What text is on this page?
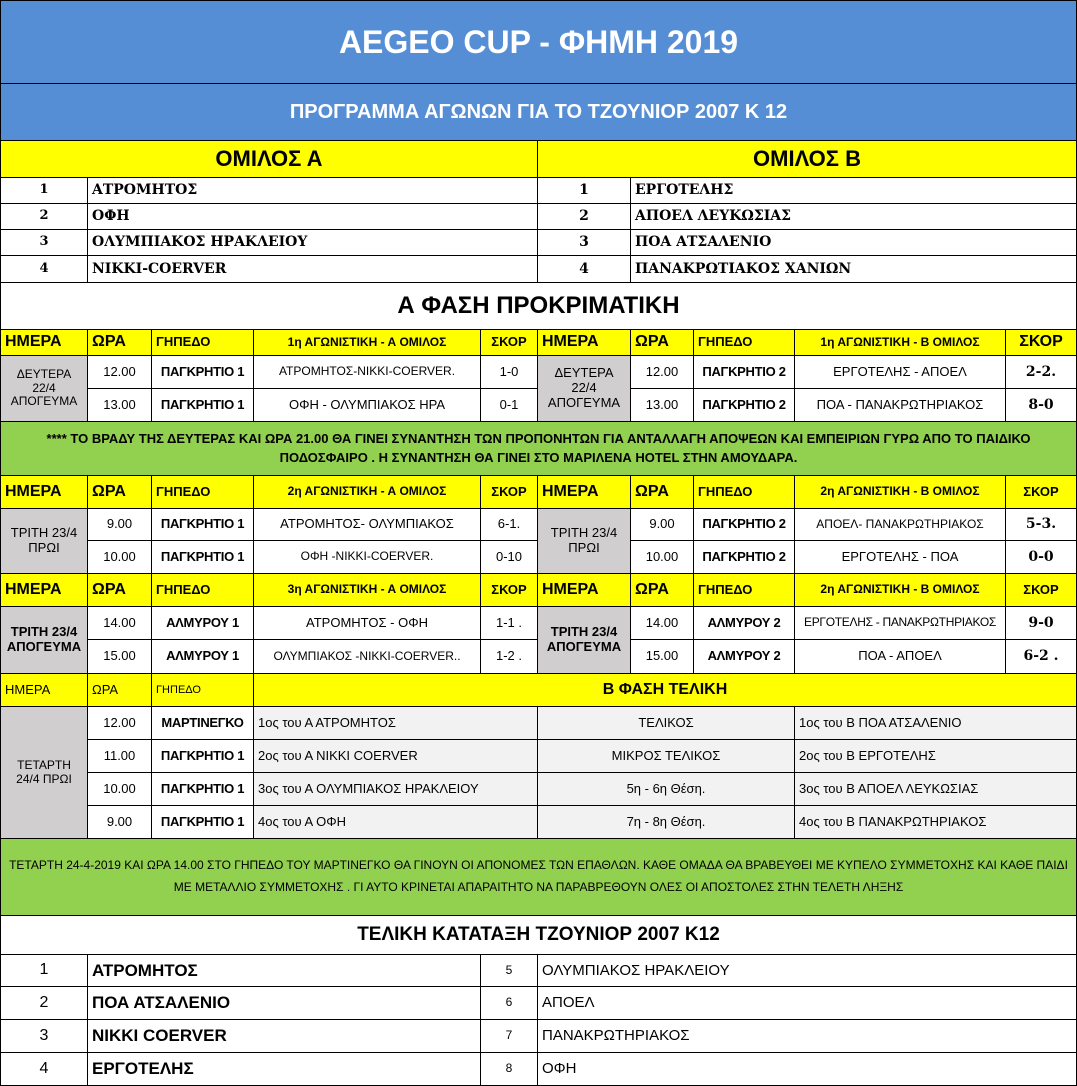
AEGEO CUP - ΦΗΜΗ 2019
ΠΡΟΓΡΑΜΜΑ ΑΓΩΝΩΝ ΓΙΑ ΤΟ ΤΖΟΥΝΙΟΡ 2007 Κ 12
ΟΜΙΛΟΣ Α	ΟΜΙΛΟΣ Β
1	ΑΤΡΟΜΗΤΟΣ	1	ΕΡΓΟΤΕΛΗΣ
2	ΟΦΗ	2	ΑΠΟΕΛ ΛΕΥΚΩΣΙΑΣ
3	ΟΛΥΜΠΙΑΚΟΣ ΗΡΑΚΛΕΙΟΥ	3	ΠΟΑ ΑΤΣΑΛΕΝΙΟ
4	NIKKI-COERVER	4	ΠΑΝΑΚΡΩΤΙΑΚΟΣ ΧΑΝΙΩΝ
Α ΦΑΣΗ ΠΡΟΚΡΙΜΑΤΙΚΗ
ΗΜΕΡΑ	ΩΡΑ	ΓΗΠΕΔΟ	1η ΑΓΩΝΙΣΤΙΚΗ - Α ΟΜΙΛΟΣ	ΣΚΟΡ ΗΜΕΡΑ	ΩΡΑ	ΓΗΠΕΔΟ	1η ΑΓΩΝΙΣΤΙΚΗ - Β ΟΜΙΛΟΣ	ΣΚΟΡ
ΔΕΥΤΕΡΑ 22/4 ΑΠΟΓΕΥΜΑ
ΔΕΥΤΕΡΑ 22/4 ΑΠΟΓΕΥΜΑ
12.00	ΠΑΓΚΡΗΤΙΟ 1	ΑΤΡΟΜΗΤΟΣ-NIKKI-COERVER.	1-0	12.00	ΠΑΓΚΡΗΤΙΟ 2	ΕΡΓΟΤΕΛΗΣ - ΑΠΟΕΛ	2-2.
13.00	ΠΑΓΚΡΗΤΙΟ 1	ΟΦΗ - ΟΛΥΜΠΙΑΚΟΣ ΗΡΑ	0-1	13.00	ΠΑΓΚΡΗΤΙΟ 2	ΠΟΑ - ΠΑΝΑΚΡΩΤΗΡΙΑΚΟΣ	8-0
**** ΤΟ ΒΡΑΔΥ ΤΗΣ ΔΕΥΤΕΡΑΣ ΚΑΙ ΩΡΑ 21.00 ΘΑ ΓΙΝΕΙ ΣΥΝΑΝΤΗΣΗ ΤΩΝ ΠΡΟΠΟΝΗΤΩΝ ΓΙΑ ΑΝΤΑΛΛΑΓΗ ΑΠΟΨΕΩΝ ΚΑΙ ΕΜΠΕΙΡΙΩΝ ΓΥΡΩ ΑΠΟ ΤΟ ΠΑΙΔΙΚΟ ΠΟΔΟΣΦΑΙΡΟ . Η ΣΥΝΑΝΤΗΣΗ ΘΑ ΓΙΝΕΙ ΣΤΟ ΜΑΡΙΛΕΝΑ HOTEL ΣΤΗΝ ΑΜΟΥΔΑΡΑ.
ΗΜΕΡΑ	ΩΡΑ	ΓΗΠΕΔΟ	2η ΑΓΩΝΙΣΤΙΚΗ - Α ΟΜΙΛΟΣ	ΣΚΟΡ ΗΜΕΡΑ	ΩΡΑ	ΓΗΠΕΔΟ	2η ΑΓΩΝΙΣΤΙΚΗ - Β ΟΜΙΛΟΣ	ΣΚΟΡ
ΤΡΙΤΗ 23/4 ΠΡΩΙ
ΤΡΙΤΗ 23/4 ΠΡΩΙ
9.00	ΠΑΓΚΡΗΤΙΟ 1	ΑΤΡΟΜΗΤΟΣ- ΟΛΥΜΠΙΑΚΟΣ	6-1.	9.00	ΠΑΓΚΡΗΤΙΟ 2	ΑΠΟΕΛ- ΠΑΝΑΚΡΩΤΗΡΙΑΚΟΣ	5-3.
10.00	ΠΑΓΚΡΗΤΙΟ 1	ΟΦΗ -NIKKI-COERVER.	0-10	10.00	ΠΑΓΚΡΗΤΙΟ 2	ΕΡΓΟΤΕΛΗΣ - ΠΟΑ	0-0
ΗΜΕΡΑ	ΩΡΑ	ΓΗΠΕΔΟ	3η ΑΓΩΝΙΣΤΙΚΗ - Α ΟΜΙΛΟΣ	ΣΚΟΡ ΗΜΕΡΑ	ΩΡΑ	ΓΗΠΕΔΟ	2η ΑΓΩΝΙΣΤΙΚΗ - Β ΟΜΙΛΟΣ	ΣΚΟΡ
ΤΡΙΤΗ 23/4 ΑΠΟΓΕΥΜΑ
ΤΡΙΤΗ 23/4 ΑΠΟΓΕΥΜΑ
14.00	ΑΛΜΥΡΟΥ 1	ΑΤΡΟΜΗΤΟΣ - ΟΦΗ	1-1 .	14.00	ΑΛΜΥΡΟΥ 2	ΕΡΓΟΤΕΛΗΣ - ΠΑΝΑΚΡΩΤΗΡΙΑΚΟΣ	9-0
15.00	ΑΛΜΥΡΟΥ 1	ΟΛΥΜΠΙΑΚΟΣ -NIKKI-COERVER..	1-2 .	15.00	ΑΛΜΥΡΟΥ 2	ΠΟΑ - ΑΠΟΕΛ	6-2 .
ΗΜΕΡΑ	ΩΡΑ	ΓΗΠΕΔΟ	Β ΦΑΣΗ ΤΕΛΙΚΗ
ΤΕΤΑΡΤΗ 24/4 ΠΡΩΙ
12.00	ΜΑΡΤΙΝΕΓΚΟ	1ος του Α ΑΤΡΟΜΗΤΟΣ	ΤΕΛΙΚΟΣ	1ος του Β ΠΟΑ ΑΤΣΑΛΕΝΙΟ
11.00	ΠΑΓΚΡΗΤΙΟ 1	2ος του Α NIKKI COERVER	ΜΙΚΡΟΣ ΤΕΛΙΚΟΣ	2ος του Β ΕΡΓΟΤΕΛΗΣ
10.00	ΠΑΓΚΡΗΤΙΟ 1	3ος του Α ΟΛΥΜΠΙΑΚΟΣ ΗΡΑΚΛΕΙΟΥ	5η - 6η Θέση.	3ος του Β ΑΠΟΕΛ ΛΕΥΚΩΣΙΑΣ
9.00	ΠΑΓΚΡΗΤΙΟ 1	4ος του Α ΟΦΗ	7η - 8η Θέση.	4ος του Β ΠΑΝΑΚΡΩΤΗΡΙΑΚΟΣ
ΤΕΤΑΡΤΗ 24-4-2019 ΚΑΙ ΩΡΑ 14.00 ΣΤΟ ΓΗΠΕΔΟ ΤΟΥ ΜΑΡΤΙΝΕΓΚΟ ΘΑ ΓΙΝΟΥΝ ΟΙ ΑΠΟΝΟΜΕΣ ΤΩΝ ΕΠΑΘΛΩΝ. ΚΑΘΕ ΟΜΑΔΑ ΘΑ ΒΡΑΒΕΥΘΕΙ ΜΕ ΚΥΠΕΛΟ ΣΥΜΜΕΤΟΧΗΣ ΚΑΙ ΚΑΘΕ ΠΑΙΔΙ ΜΕ ΜΕΤΑΛΛΙΟ ΣΥΜΜΕΤΟΧΗΣ . ΓΙ ΑΥΤΟ ΚΡΙΝΕΤΑΙ ΑΠΑΡΑΙΤΗΤΟ ΝΑ ΠΑΡΑΒΡΕΘΟΥΝ ΟΛΕΣ ΟΙ ΑΠΟΣΤΟΛΕΣ ΣΤΗΝ ΤΕΛΕΤΗ ΛΗΞΗΣ
ΤΕΛΙΚΗ ΚΑΤΑΤΑΞΗ ΤΖΟΥΝΙΟΡ 2007 Κ12
1	ΑΤΡΟΜΗΤΟΣ	5	ΟΛΥΜΠΙΑΚΟΣ ΗΡΑΚΛΕΙΟΥ
2	ΠΟΑ ΑΤΣΑΛΕΝΙΟ	6	ΑΠΟΕΛ
3	NIKKI COERVER	7	ΠΑΝΑΚΡΩΤΗΡΙΑΚΟΣ
4	ΕΡΓΟΤΕΛΗΣ	8	ΟΦΗ
